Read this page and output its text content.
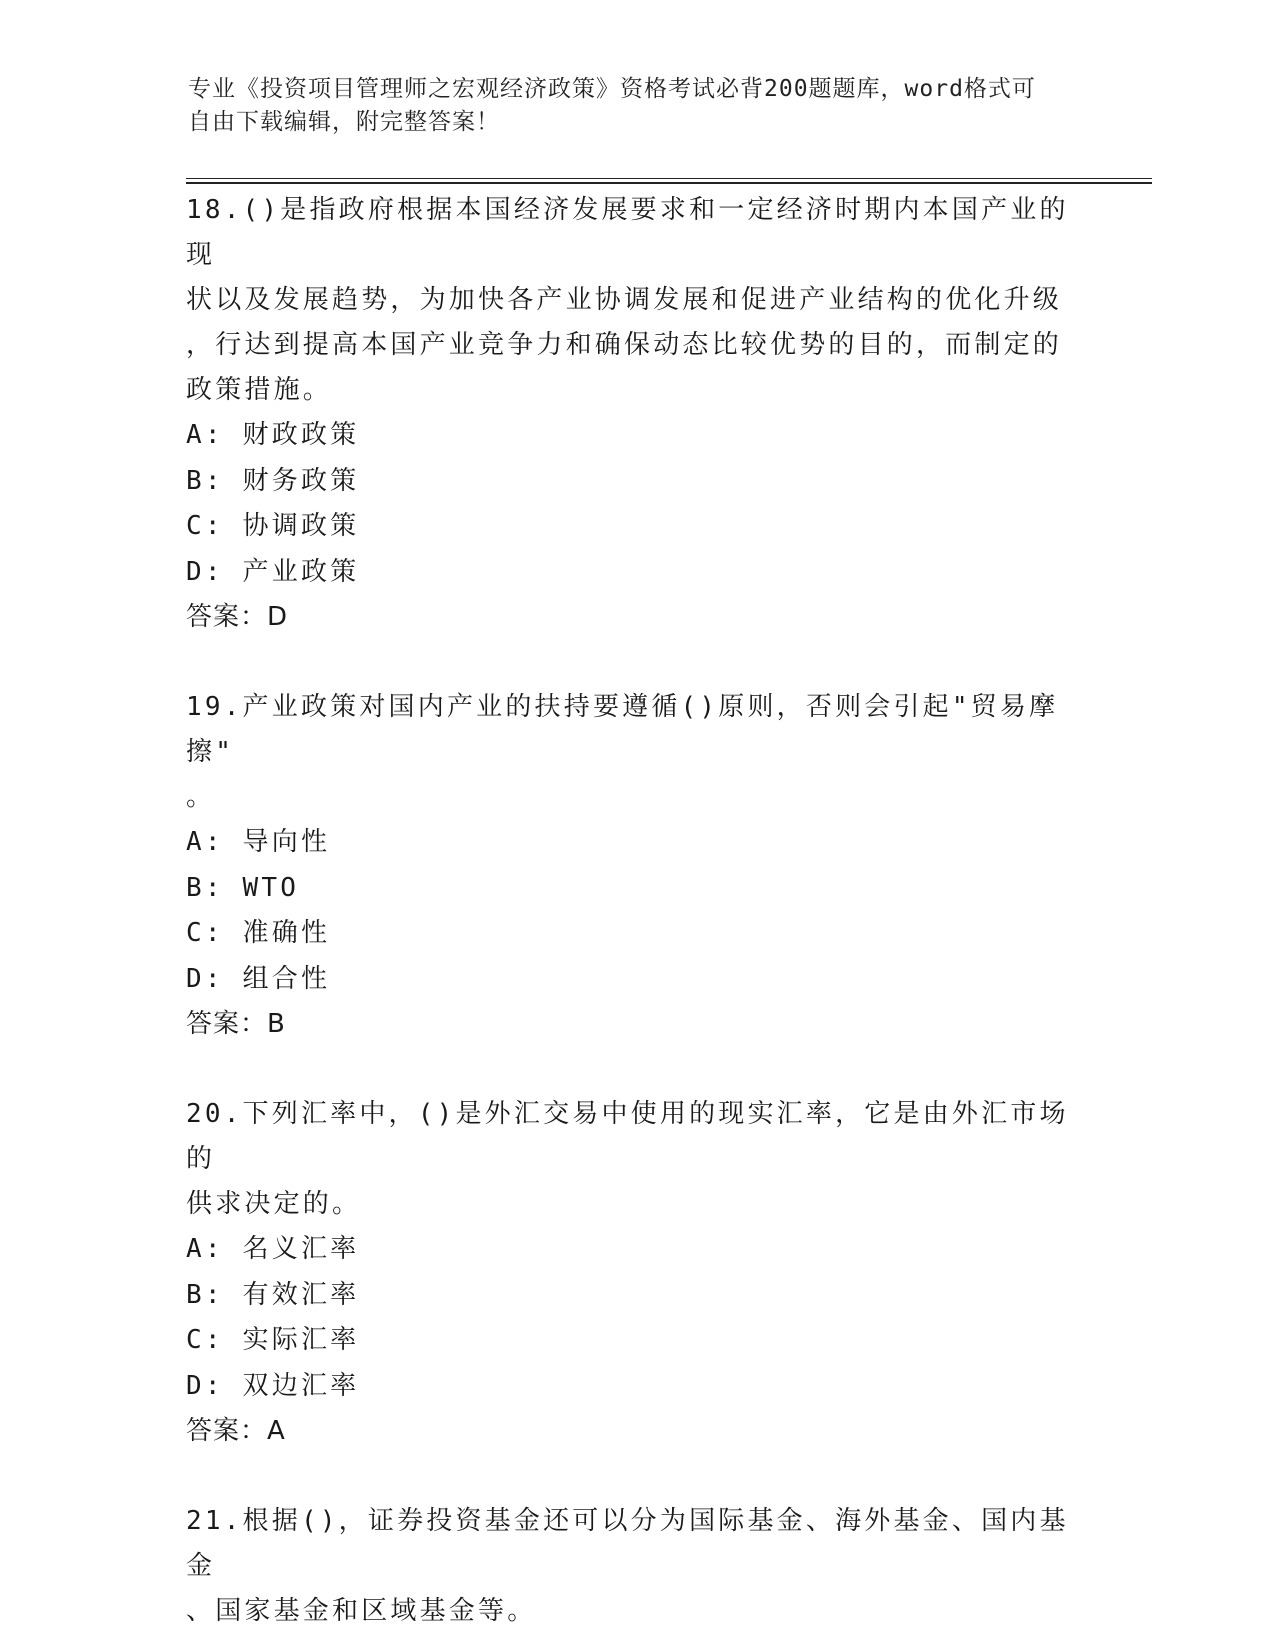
专业《投资项目管理师之宏观经济政策》资格考试必背200题题库，word格式可
自由下载编辑，附完整答案！

18.()是指政府根据本国经济发展要求和一定经济时期内本国产业的现

状以及发展趋势，为加快各产业协调发展和促进产业结构的优化升级

，行达到提高本国产业竞争力和确保动态比较优势的目的，而制定的

政策措施。

A: 财政政策

B: 财务政策

C: 协调政策

D: 产业政策

答案：D

19.产业政策对国内产业的扶持要遵循()原则，否则会引起"贸易摩擦"

。

A: 导向性

B: WTO

C: 准确性

D: 组合性

答案：B

20.下列汇率中，()是外汇交易中使用的现实汇率，它是由外汇市场的

供求决定的。

A: 名义汇率

B: 有效汇率

C: 实际汇率

D: 双边汇率

答案：A

21.根据()，证券投资基金还可以分为国际基金、海外基金、国内基金

、国家基金和区域基金等。
